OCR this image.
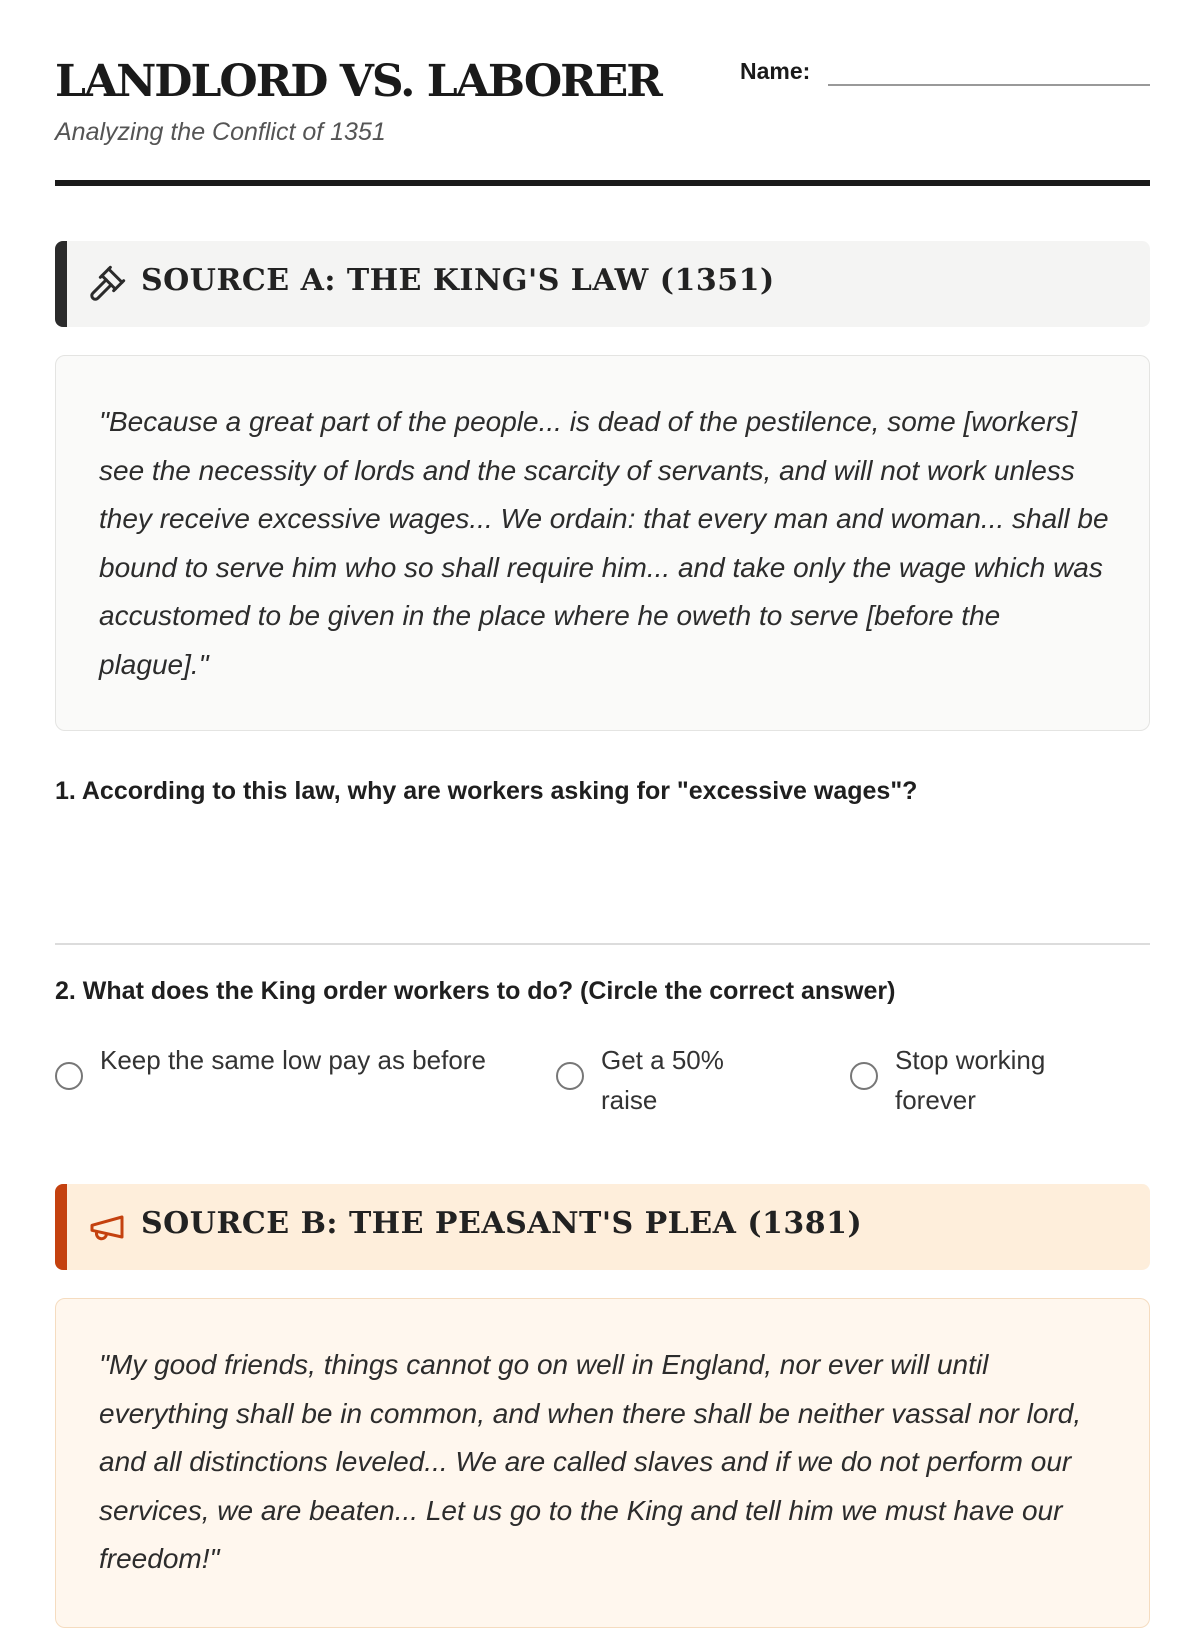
LANDLORD VS. LABORER

Analyzing the Conflict of 1351

Name:
SOURCE A: THE KING'S LAW (1351)
"Because a great part of the people... is dead of the pestilence, some [workers] see the necessity of lords and the scarcity of servants, and will not work unless they receive excessive wages... We ordain: that every man and woman... shall be bound to serve him who so shall require him... and take only the wage which was accustomed to be given in the place where he oweth to serve [before the plague]."
1. According to this law, why are workers asking for "excessive wages"?
2. What does the King order workers to do? (Circle the correct answer)
Keep the same low pay as before	Get a 50% raise
Stop working forever
SOURCE B: THE PEASANT'S PLEA (1381)
"My good friends, things cannot go on well in England, nor ever will until everything shall be in common, and when there shall be neither vassal nor lord, and all distinctions leveled... We are called slaves and if we do not perform our services, we are beaten... Let us go to the King and tell him we must have our freedom!"
